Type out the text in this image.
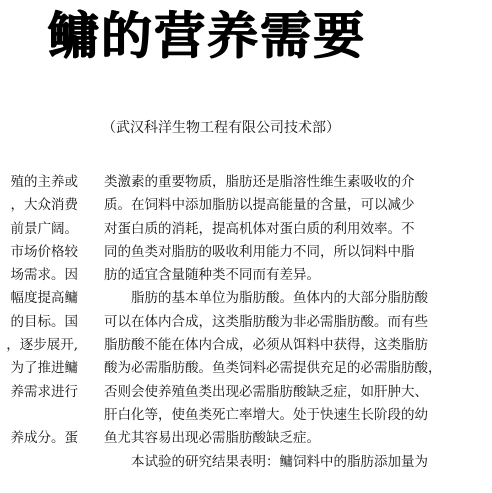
鳙的营养需要
（武汉科洋生物工程有限公司技术部）
殖的主养或
，大众消费
前景广阔。
市场价格较
场需求。因
幅度提高鳙
的目标。国
，逐步展开,
为了推进鳙
养需求进行
养成分。蛋
类激素的重要物质，脂肪还是脂溶性维生素吸收的介
质。在饲料中添加脂肪以提高能量的含量，可以减少
对蛋白质的消耗，提高机体对蛋白质的利用效率。不
同的鱼类对脂肪的吸收利用能力不同，所以饲料中脂
肪的适宜含量随种类不同而有差异。
　　脂肪的基本单位为脂肪酸。鱼体内的大部分脂肪酸
可以在体内合成，这类脂肪酸为非必需脂肪酸。而有些
脂肪酸不能在体内合成，必须从饵料中获得，这类脂肪
酸为必需脂肪酸。鱼类饲料必需提供充足的必需脂肪酸，
否则会使养殖鱼类出现必需脂肪酸缺乏症，如肝肿大、
肝白化等，使鱼类死亡率增大。处于快速生长阶段的幼
鱼尤其容易出现必需脂肪酸缺乏症。
　　本试验的研究结果表明：鳙饲料中的脂肪添加量为
